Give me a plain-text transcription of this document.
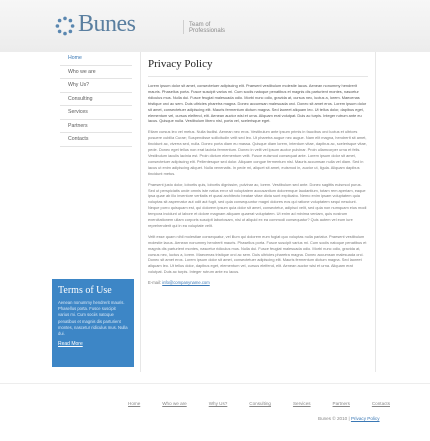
Bunes	Team of Professionals
Home
Who we are
Why Us?
Consulting
Services
Partners
Contacts
Terms of Use

Aenean nonummy hendrerit mauris. Phasellus porta. Fusce suscipit varius mi. Cum sociis natoque penatibus et magnis dis parturient montes, nascetur ridiculus mus. Nulla dui.

Read More
Privacy Policy

Lorem ipsum dolor sit amet, consectetuer adipiscing elit. Praesent vestibulum molestie lacus. Aenean nonummy hendrerit mauris. Phasellus porta. Fusce suscipit varius mi. Cum sociis natoque penatibus et magnis dis parturient montes, nascetur ridiculus mus. Nulla dui. Fusce feugiat malesuada odio. Morbi nunc odio, gravida at, cursus nec, luctus a, lorem. Maecenas tristique orci ac sem. Duis ultricies pharetra magna. Donec accumsan malesuada orci. Donec sit amet eros. Lorem ipsum dolor sit amet, consectetuer adipiscing elit. Mauris fermentum dictum magna. Sed laoreet aliquam leo. Ut tellus dolor, dapibus eget, elementum vel, cursus eleifend, elit. Aenean auctor wisi et urna. Aliquam erat volutpat. Duis ac turpis. Integer rutrum ante eu lacus. Quisque nulla. Vestibulum libero nisl, porta vel, scelerisque eget.

Etiam cursus leo vel metus. Nulla facilisi. Aenean nec eros. Vestibulum ante ipsum primis in faucibus orci luctus et ultrices posuere cubilia Curae; Suspendisse sollicitudin velit sed leo. Ut pharetra augue nec augue. Nam elit magna, hendrerit sit amet, tincidunt ac, viverra sed, nulla. Donec porta diam eu massa. Quisque diam lorem, interdum vitae, dapibus ac, scelerisque vitae, pede. Donec eget tellus non erat lacinia fermentum. Donec in velit vel ipsum auctor pulvinar. Proin ullamcorper urna et felis. Vestibulum iaculis lacinia est. Proin dictum elementum velit. Fusce euismod consequat ante. Lorem ipsum dolor sit amet, consectetuer adipiscing elit. Pellentesque sed dolor. Aliquam congue fermentum nisl. Mauris accumsan nulla vel diam. Sed in lacus ut enim adipiscing aliquet. Nulla venenatis. In pede mi, aliquet sit amet, euismod in, auctor ut, ligula. Aliquam dapibus tincidunt metus.

Praesent justo dolor, lobortis quis, lobortis dignissim, pulvinar ac, lorem. Vestibulum sed ante. Donec sagittis euismod purus. Sed ut perspiciatis unde omnis iste natus error sit voluptatem accusantium doloremque laudantium, totam rem aperiam, eaque ipsa quae ab illo inventore veritatis et quasi architecto beatae vitae dicta sunt explicabo. Nemo enim ipsam voluptatem quia voluptas sit aspernatur aut odit aut fugit, sed quia consequuntur magni dolores eos qui ratione voluptatem sequi nesciunt. Neque porro quisquam est, qui dolorem ipsum quia dolor sit amet, consectetur, adipisci velit, sed quia non numquam eius modi tempora incidunt ut labore et dolore magnam aliquam quaerat voluptatem. Ut enim ad minima veniam, quis nostrum exercitationem ullam corporis suscipit laboriosam, nisi ut aliquid ex ea commodi consequatur? Quis autem vel eum iure reprehenderit qui in ea voluptate velit.

Velit esse quam nihil molestiae consequatur, vel illum qui dolorem eum fugiat quo voluptas nulla pariatur. Praesent vestibulum molestie lacus. Aenean nonummy hendrerit mauris. Phasellus porta. Fusce suscipit varius mi. Cum sociis natoque penatibus et magnis dis parturient montes, nascetur ridiculus mus. Nulla dui. Fusce feugiat malesuada odio. Morbi nunc odio, gravida at, cursus nec, luctus a, lorem. Maecenas tristique orci ac sem. Duis ultricies pharetra magna. Donec accumsan malesuada orci. Donec sit amet eros. Lorem ipsum dolor sit amet, consectetuer adipiscing elit. Mauris fermentum dictum magna. Sed laoreet aliquam leo. Ut tellus dolor, dapibus eget, elementum vel, cursus eleifend, elit. Aenean auctor wisi et urna. Aliquam erat volutpat. Duis ac turpis. Integer rutrum ante eu lacus.

E-mail: info@companyname.com
Home	Who we are	Why Us?	Consulting	Services	Partners	Contacts
Bunes © 2010 | Privacy Policy
